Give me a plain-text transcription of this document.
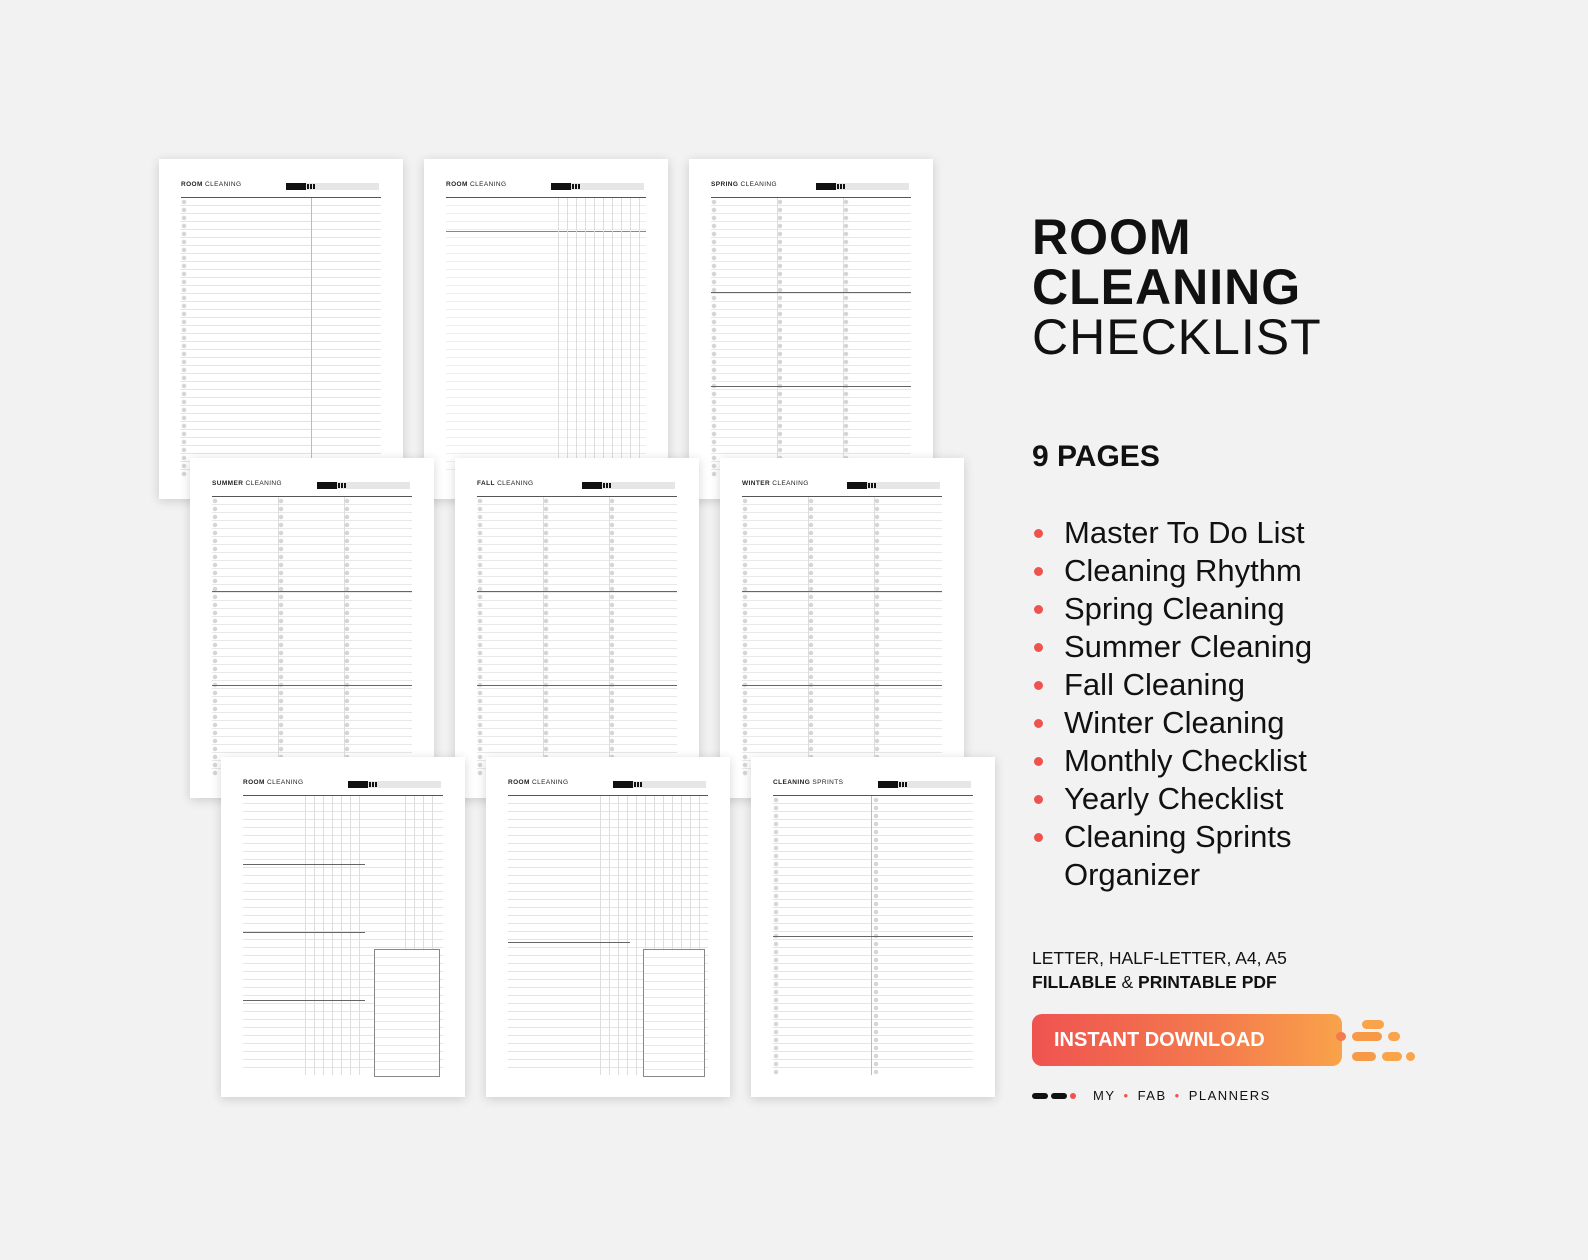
ROOM CLEANING	ROOM CLEANING	SPRING CLEANING
SUMMER CLEANING	FALL CLEANING	WINTER CLEANING
ROOM CLEANING	ROOM CLEANING	CLEANING SPRINTS
ROOM
CLEANING
CHECKLIST
9 PAGES
Master To Do List
Cleaning Rhythm
Spring Cleaning
Summer Cleaning
Fall Cleaning
Winter Cleaning
Monthly Checklist
Yearly Checklist
Cleaning Sprints
Organizer
LETTER, HALF-LETTER, A4, A5
FILLABLE & PRINTABLE PDF
INSTANT DOWNLOAD
MY • FAB • PLANNERS
